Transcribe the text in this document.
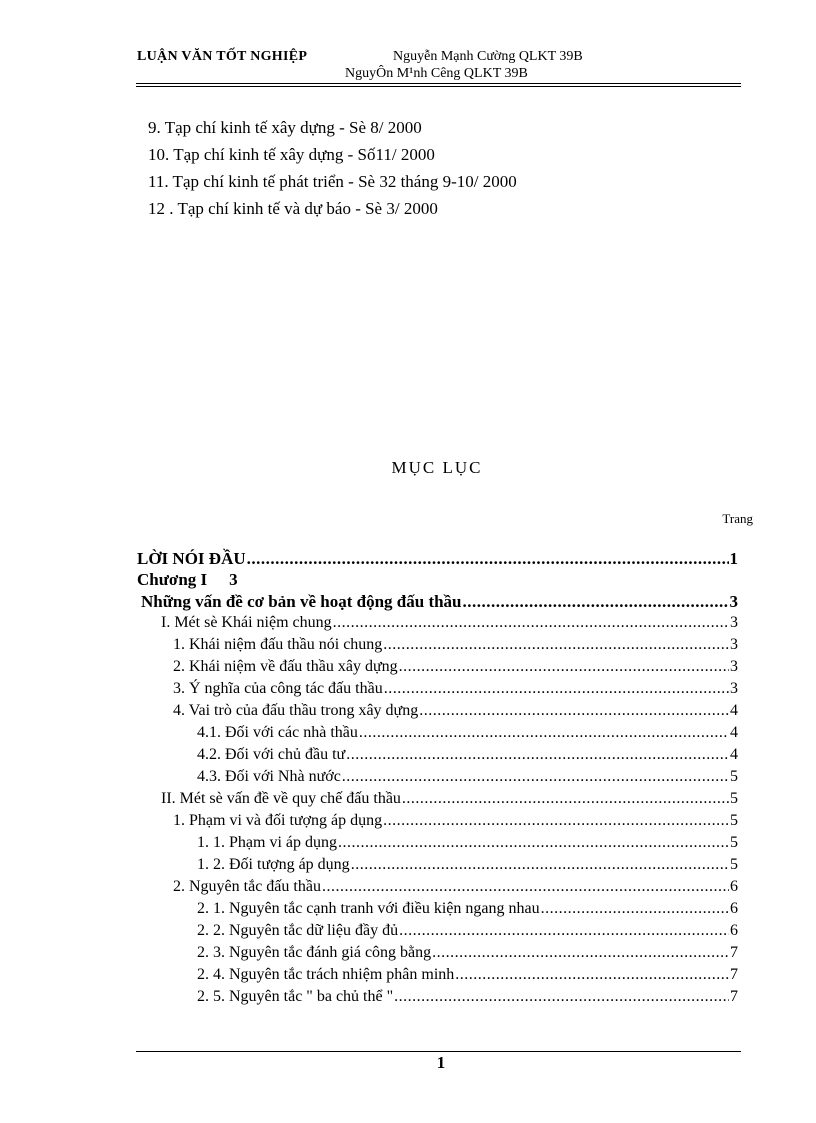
LUẬN VĂN TỐT NGHIỆP	Nguyễn Mạnh Cường QLKT 39B
NguyÔn M¹nh Cêng QLKT 39B
9. Tạp chí kinh tế xây dựng - Sè 8/ 2000
10. Tạp chí kinh tế xây dựng - Số11/ 2000
11. Tạp chí kinh tế phát triển - Sè 32 tháng 9-10/ 2000
12 . Tạp chí kinh tế và dự báo - Sè 3/ 2000
MỤC LỤC
Trang
LỜI NÓI ĐẦU .....	1
Chương I 3
Những vấn đề cơ bản về hoạt động đấu thầu .....	3
I. Mét sè Khái niệm chung .....	3
1. Khái niệm đấu thầu nói chung .....	3
2. Khái niệm về đấu thầu xây dựng .....	3
3. Ý nghĩa của công tác đấu thầu .....	3
4. Vai trò của đấu thầu trong xây dựng .....	4
4.1. Đối với các nhà thầu .....	4
4.2. Đối với chủ đầu tư .....	4
4.3. Đối với Nhà nước .....	5
II. Mét sè vấn đề về quy chế đấu thầu .....	5
1. Phạm vi và đối tượng áp dụng .....	5
1. 1. Phạm vi áp dụng .....	5
1. 2. Đối tượng áp dụng .....	5
2. Nguyên tắc đấu thầu .....	6
2. 1. Nguyên tắc cạnh tranh với điều kiện ngang nhau .....	6
2. 2. Nguyên tắc dữ liệu đầy đủ .....	6
2. 3. Nguyên tắc đánh giá công bằng .....	7
2. 4. Nguyên tắc trách nhiệm phân minh .....	7
2. 5. Nguyên tắc " ba chủ thể " .....	7
1
